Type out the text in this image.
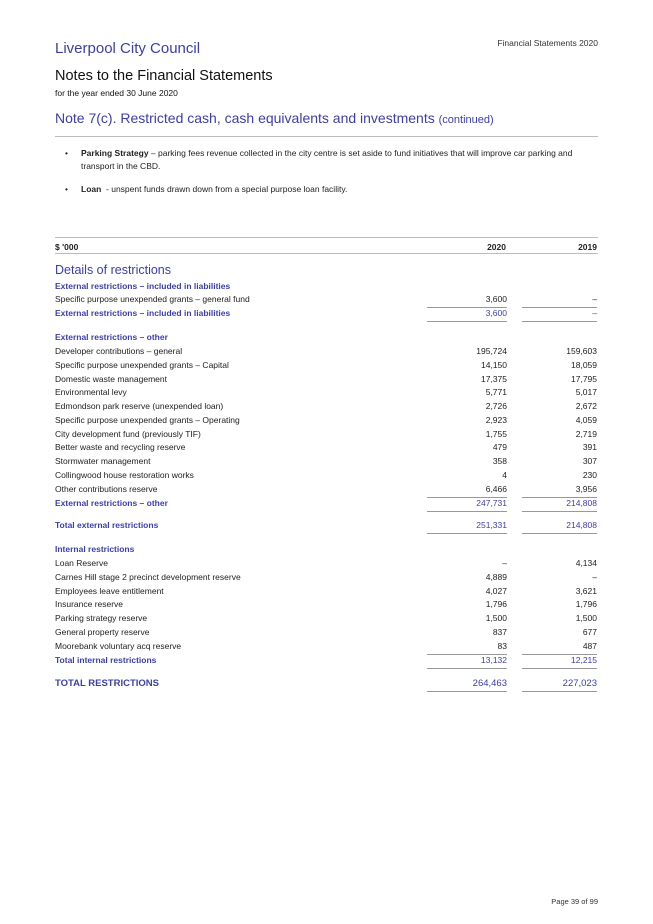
Financial Statements 2020
Liverpool City Council
Notes to the Financial Statements
for the year ended 30 June 2020
Note 7(c). Restricted cash, cash equivalents and investments (continued)
• Parking Strategy – parking fees revenue collected in the city centre is set aside to fund initiatives that will improve car parking and transport in the CBD.
• Loan  - unspent funds drawn down from a special purpose loan facility.
$ '000	2020	2019
Details of restrictions
External restrictions – included in liabilities
Specific purpose unexpended grants – general fund	3,600	–
External restrictions – included in liabilities	3,600	–
External restrictions – other
Developer contributions – general	195,724	159,603
Specific purpose unexpended grants – Capital	14,150	18,059
Domestic waste management	17,375	17,795
Environmental levy	5,771	5,017
Edmondson park reserve (unexpended loan)	2,726	2,672
Specific purpose unexpended grants – Operating	2,923	4,059
City development fund (previously TIF)	1,755	2,719
Better waste and recycling reserve	479	391
Stormwater management	358	307
Collingwood house restoration works	4	230
Other contributions reserve	6,466	3,956
External restrictions – other	247,731	214,808
Total external restrictions	251,331	214,808
Internal restrictions
Loan Reserve	–	4,134
Carnes Hill stage 2 precinct development reserve	4,889	–
Employees leave entitlement	4,027	3,621
Insurance reserve	1,796	1,796
Parking strategy reserve	1,500	1,500
General property reserve	837	677
Moorebank voluntary acq reserve	83	487
Total internal restrictions	13,132	12,215
TOTAL RESTRICTIONS	264,463	227,023
Page 39 of 99
